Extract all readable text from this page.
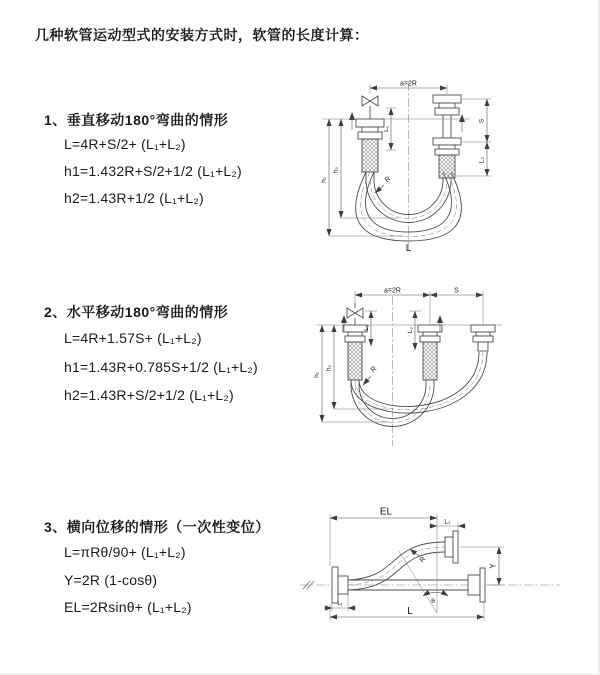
几种软管运动型式的安装方式时，软管的长度计算：
1、垂直移动180°弯曲的情形
L=4R+S/2+ (L₁+L₂)
h1=1.432R+S/2+1/2 (L₁+L₂)
h2=1.43R+1/2 (L₁+L₂)
2、水平移动180°弯曲的情形
L=4R+1.57S+ (L₁+L₂)
h1=1.43R+0.785S+1/2 (L₁+L₂)
h2=1.43R+S/2+1/2 (L₁+L₂)
3、横向位移的情形（一次性变位）
L=πRθ/90+ (L₁+L₂)
Y=2R (1-cosθ)
EL=2Rsinθ+ (L₁+L₂)
a=2R
h₁
h₂
L₁
S
L₂
R
L
a=2R	S
h₁
h₂
L₁	L₂
R
θ
R
EL
L₂
Y
L
L₁
